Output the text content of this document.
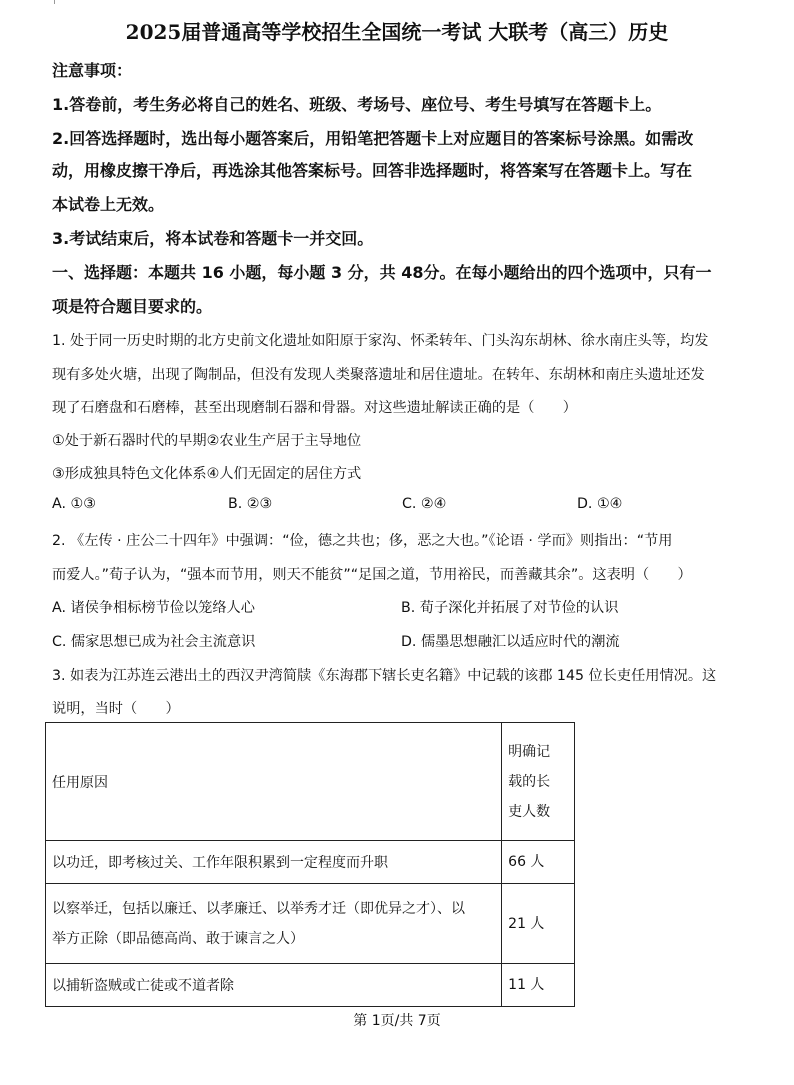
2025届普通高等学校招生全国统一考试 大联考（高三）历史
注意事项：
1.答卷前，考生务必将自己的姓名、班级、考场号、座位号、考生号填写在答题卡上。
2.回答选择题时，选出每小题答案后，用铅笔把答题卡上对应题目的答案标号涂黑。如需改
动，用橡皮擦干净后，再选涂其他答案标号。回答非选择题时，将答案写在答题卡上。写在
本试卷上无效。
3.考试结束后，将本试卷和答题卡一并交回。
一、选择题：本题共 16 小题，每小题 3 分，共 48分。在每小题给出的四个选项中，只有一
项是符合题目要求的。
1. 处于同一历史时期的北方史前文化遗址如阳原于家沟、怀柔转年、门头沟东胡林、徐水南庄头等，均发
现有多处火塘，出现了陶制品，但没有发现人类聚落遗址和居住遗址。在转年、东胡林和南庄头遗址还发
现了石磨盘和石磨棒，甚至出现磨制石器和骨器。对这些遗址解读正确的是（　　）
①处于新石器时代的早期②农业生产居于主导地位
③形成独具特色文化体系④人们无固定的居住方式
A. ①③	B. ②③	C. ②④	D. ①④
2. 《左传 · 庄公二十四年》中强调：“俭，德之共也；侈，恶之大也。”《论语 · 学而》则指出：“节用
而爱人。”荀子认为，“强本而节用，则天不能贫”“足国之道，节用裕民，而善藏其余”。这表明（　　）
A. 诸侯争相标榜节俭以笼络人心	B. 荀子深化并拓展了对节俭的认识
C. 儒家思想已成为社会主流意识	D. 儒墨思想融汇以适应时代的潮流
3. 如表为江苏连云港出土的西汉尹湾简牍《东海郡下辖长吏名籍》中记载的该郡 145 位长吏任用情况。这
说明，当时（　　）
任用原因	明确记
载的长
吏人数

以功迁，即考核过关、工作年限积累到一定程度而升职	66 人

以察举迁，包括以廉迁、以孝廉迁、以举秀才迁（即优异之才）、以
举方正除（即品德高尚、敢于谏言之人）	21 人
以捕斩盗贼或亡徒或不道者除	11 人
第 1页/共 7页
